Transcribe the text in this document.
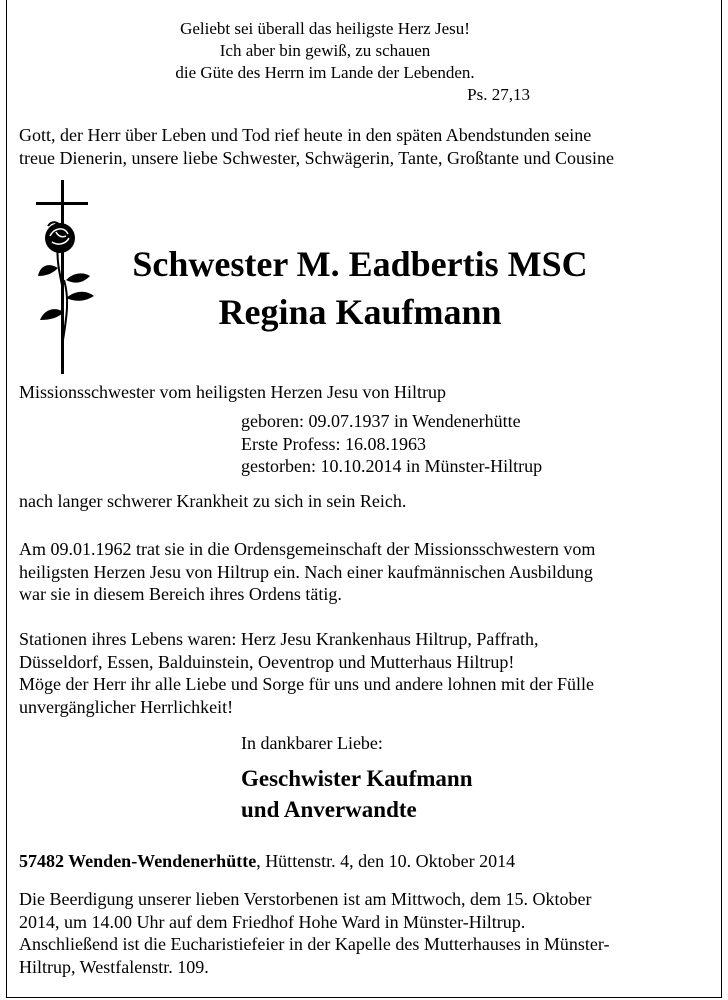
Geliebt sei überall das heiligste Herz Jesu!
Ich aber bin gewiß, zu schauen
die Güte des Herrn im Lande der Lebenden.
Ps. 27,13
Gott, der Herr über Leben und Tod rief heute in den späten Abendstunden seine
treue Dienerin, unsere liebe Schwester, Schwägerin, Tante, Großtante und Cousine
Schwester M. Eadbertis MSC
Regina Kaufmann
Missionsschwester vom heiligsten Herzen Jesu von Hiltrup
geboren: 09.07.1937 in Wendenerhütte
Erste Profess: 16.08.1963
gestorben: 10.10.2014 in Münster-Hiltrup
nach langer schwerer Krankheit zu sich in sein Reich.
Am 09.01.1962 trat sie in die Ordensgemeinschaft der Missionsschwestern vom
heiligsten Herzen Jesu von Hiltrup ein. Nach einer kaufmännischen Ausbildung
war sie in diesem Bereich ihres Ordens tätig.
Stationen ihres Lebens waren: Herz Jesu Krankenhaus Hiltrup, Paffrath,
Düsseldorf, Essen, Balduinstein, Oeventrop und Mutterhaus Hiltrup!
Möge der Herr ihr alle Liebe und Sorge für uns und andere lohnen mit der Fülle
unvergänglicher Herrlichkeit!
In dankbarer Liebe:
Geschwister Kaufmann
und Anverwandte
57482 Wenden-Wendenerhütte, Hüttenstr. 4, den 10. Oktober 2014
Die Beerdigung unserer lieben Verstorbenen ist am Mittwoch, dem 15. Oktober
2014, um 14.00 Uhr auf dem Friedhof Hohe Ward in Münster-Hiltrup.
Anschließend ist die Eucharistiefeier in der Kapelle des Mutterhauses in Münster-
Hiltrup, Westfalenstr. 109.
